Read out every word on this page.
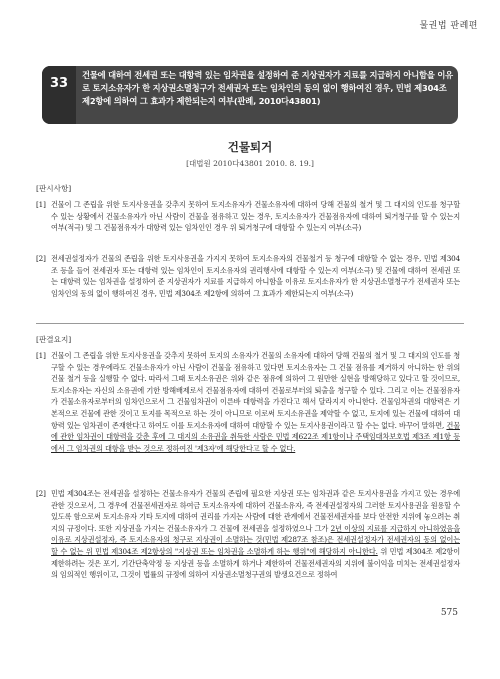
물권법 판례편
33
건물에 대하여 전세권 또는 대항력 있는 임차권을 설정하여 준 지상권자가 지료를 지급하지 아니함을 이유로 토지소유자가 한 지상권소멸청구가 전세권자 또는 임차인의 동의 없이 행하여진 경우, 민법 제304조 제2항에 의하여 그 효과가 제한되는지 여부(판례, 2010다43801)
건물퇴거
[대법원 2010다43801 2010. 8. 19.]
[판시사항]
[1] 건물이 그 존립을 위한 토지사용권을 갖추지 못하여 토지소유자가 건물소유자에 대하여 당해 건물의 철거 및 그 대지의 인도를 청구할 수 있는 상황에서 건물소유자가 아닌 사람이 건물을 점유하고 있는 경우, 토지소유자가 건물점유자에 대하여 퇴거청구를 할 수 있는지 여부(적극) 및 그 건물점유자가 대항력 있는 임차인인 경우 위 퇴거청구에 대항할 수 있는지 여부(소극)
[2] 전세권설정자가 건물의 존립을 위한 토지사용권을 가지지 못하여 토지소유자의 건물철거 등 청구에 대항할 수 없는 경우, 민법 제304조 등을 들어 전세권자 또는 대항력 있는 임차인이 토지소유자의 권리행사에 대항할 수 있는지 여부(소극) 및 건물에 대하여 전세권 또는 대항력 있는 임차권을 설정하여 준 지상권자가 지료를 지급하지 아니함을 이유로 토지소유자가 한 지상권소멸청구가 전세권자 또는 임차인의 동의 없이 행하여진 경우, 민법 제304조 제2항에 의하여 그 효과가 제한되는지 여부(소극)
[판결요지]
[1] 건물이 그 존립을 위한 토지사용권을 갖추지 못하여 토지의 소유자가 건물의 소유자에 대하여 당해 건물의 철거 및 그 대지의 인도를 청구할 수 있는 경우에라도 건물소유자가 아닌 사람이 건물을 점유하고 있다면 토지소유자는 그 건물 점유를 제거하지 아니하는 한 위의 건물 철거 등을 실행할 수 없다. 따라서 그때 토지소유권은 위와 같은 점유에 의하여 그 원만한 실현을 방해당하고 있다고 할 것이므로, 토지소유자는 자신의 소유권에 기한 방해배제로서 건물점유자에 대하여 건물로부터의 퇴출을 청구할 수 있다. 그리고 이는 건물점유자가 건물소유자로부터의 임차인으로서 그 건물임차권이 이른바 대항력을 가진다고 해서 달라지지 아니한다. 건물임차권의 대항력은 기본적으로 건물에 관한 것이고 토지를 목적으로 하는 것이 아니므로 이로써 토지소유권을 제약할 수 없고, 토지에 있는 건물에 대하여 대항력 있는 임차권이 존재한다고 하여도 이를 토지소유자에 대하여 대항할 수 있는 토지사용권이라고 할 수는 없다. 바꾸어 말하면, 건물에 관한 임차권이 대항력을 갖춘 후에 그 대지의 소유권을 취득한 사람은 민법 제622조 제1항이나 주택임대차보호법 제3조 제1항 등에서 그 임차권의 대항을 받는 것으로 정하여진 '제3자'에 해당한다고 할 수 없다.
[2] 민법 제304조는 전세권을 설정하는 건물소유자가 건물의 존립에 필요한 지상권 또는 임차권과 같은 토지사용권을 가지고 있는 경우에 관한 것으로서, 그 경우에 건물전세권자로 하여금 토지소유자에 대하여 건물소유자, 즉 전세권설정자의 그러한 토지사용권을 원용할 수 있도록 함으로써 토지소유자 기타 토지에 대하여 권리를 가지는 사람에 대한 관계에서 건물전세권자를 보다 안전한 지위에 놓으려는 취지의 규정이다. 또한 지상권을 가지는 건물소유자가 그 건물에 전세권을 설정하였으나 그가 2년 이상의 지료를 지급하지 아니하였음을 이유로 지상권설정자, 즉 토지소유자의 청구로 지상권이 소멸하는 것(민법 제287조 참조)은 전세권설정자가 전세권자의 동의 없이는 할 수 없는 위 민법 제304조 제2항상의 "지상권 또는 임차권을 소멸하게 하는 행위"에 해당하지 아니한다. 위 민법 제304조 제2항이 제한하려는 것은 포기, 기간단축약정 등 지상권 등을 소멸하게 하거나 제한하여 건물전세권자의 지위에 불이익을 미치는 전세권설정자의 임의적인 행위이고, 그것이 법률의 규정에 의하여 지상권소멸청구권의 발생요건으로 정하여
575
